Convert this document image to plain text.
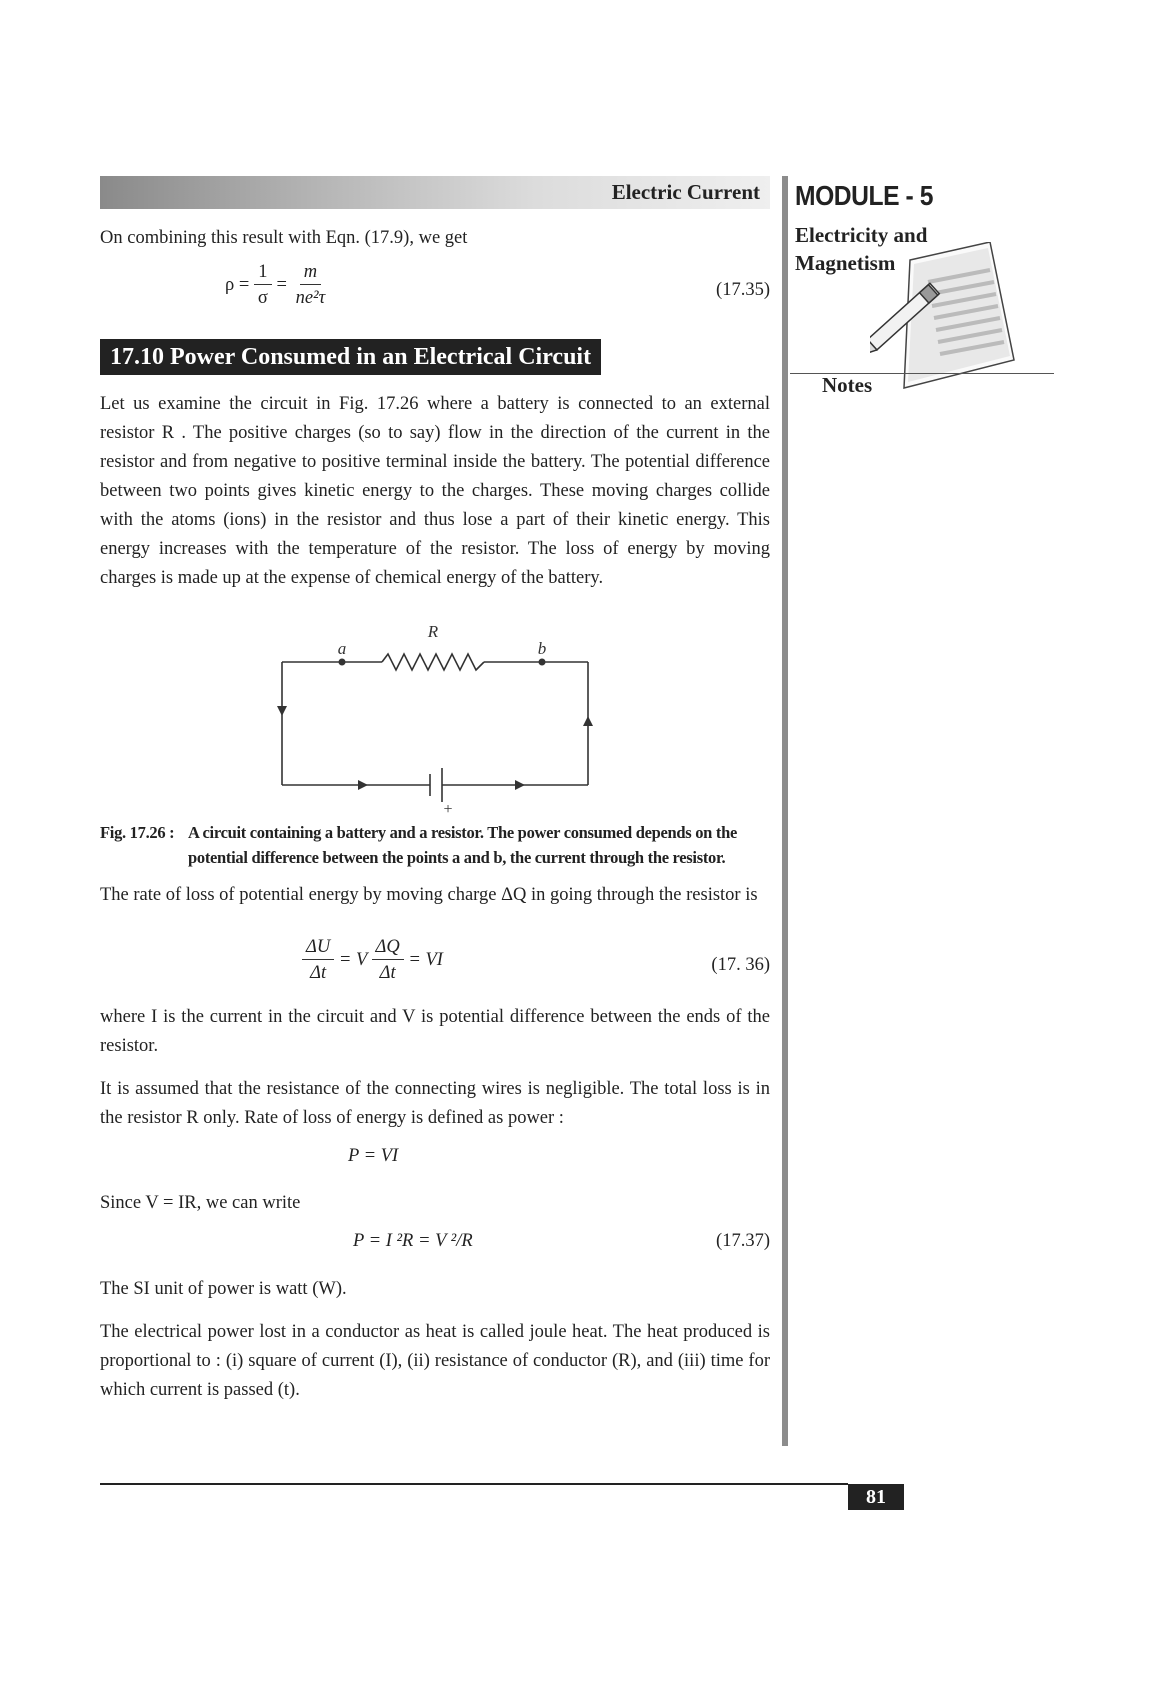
Electric Current MODULE - 5
Electricity and
Magnetism
Notes
On combining this result with Eqn. (17.9), we get
$\rho = \frac{1}{\sigma} = \frac{m}{\text{ne²τ}}$	(17.35)
17.10 Power Consumed in an Electrical Circuit
Let us examine the circuit in Fig. 17.26 where a battery is connected to an external resistor R . The positive charges (so to say) flow in the direction of the current in the resistor and from negative to positive terminal inside the battery. The potential difference between two points gives kinetic energy to the charges. These moving charges collide with the atoms (ions) in the resistor and thus lose a part of their kinetic energy. This energy increases with the temperature of the resistor. The loss of energy by moving charges is made up at the expense of chemical energy of the battery.
R
a	b
+
Fig. 17.26 : A circuit containing a battery and a resistor. The power consumed depends on the
potential difference between the points a and b, the current through the resistor.
The rate of loss of potential energy by moving charge ΔQ in going through the resistor is
$\frac{\Delta U}{\Delta t} = V \frac{\Delta Q}{\Delta t}$ = VI	(17. 36)
where I is the current in the circuit and V is potential difference between the ends of the resistor.
It is assumed that the resistance of the connecting wires is negligible. The total loss is in the resistor R only. Rate of loss of energy is defined as power :
P = VI
Since V = IR, we can write
P = I ²R = V ²/R	(17.37)
The SI unit of power is watt (W).
The electrical power lost in a conductor as heat is called joule heat. The heat produced is proportional to : (i) square of current (I), (ii) resistance of conductor (R), and (iii) time for which current is passed (t).
81
